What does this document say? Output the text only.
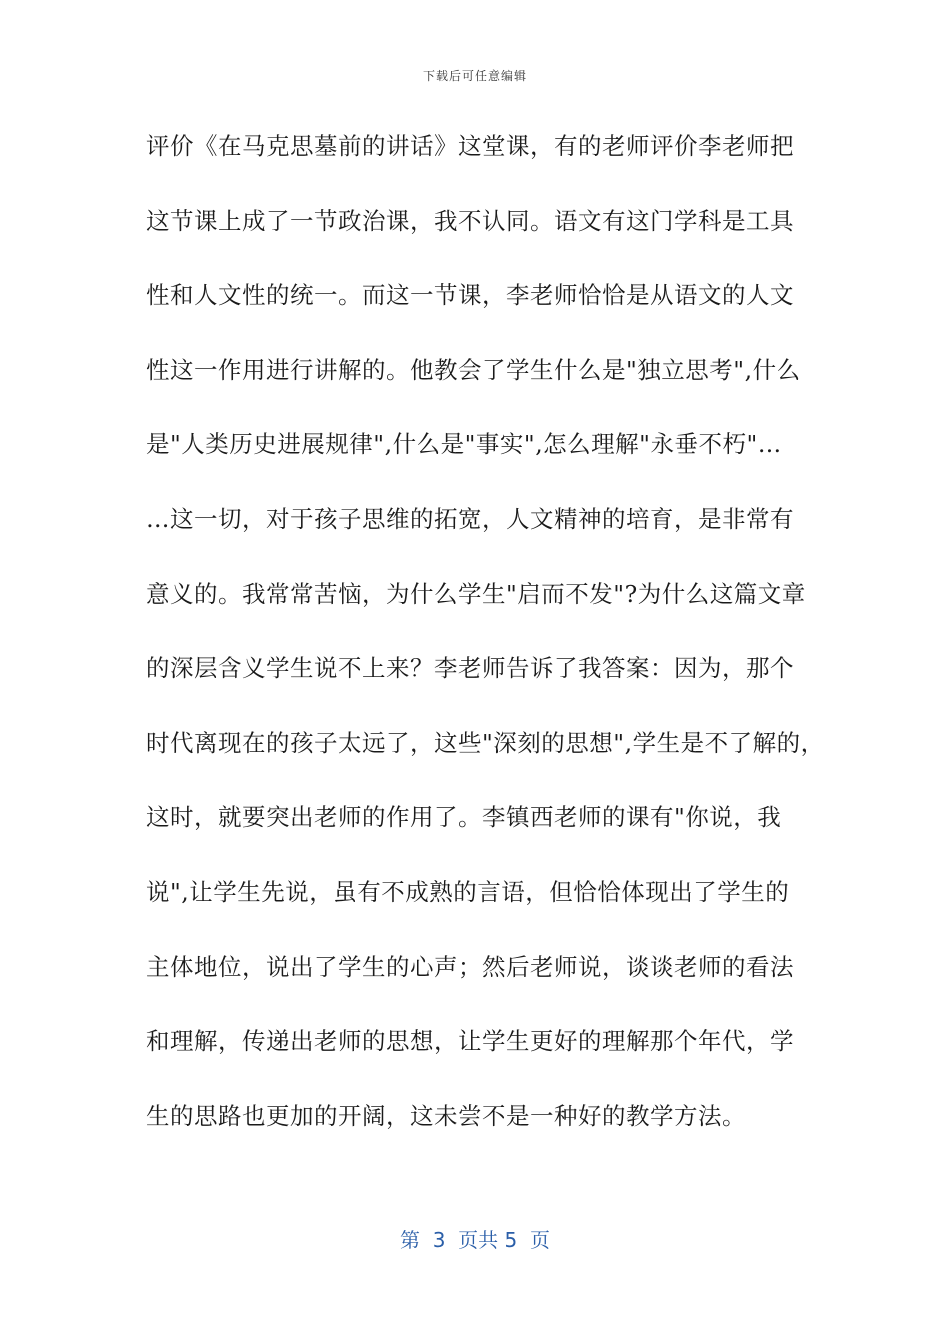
下载后可任意编辑
评价《在马克思墓前的讲话》这堂课，有的老师评价李老师把
这节课上成了一节政治课，我不认同。语文有这门学科是工具
性和人文性的统一。而这一节课，李老师恰恰是从语文的人文
性这一作用进行讲解的。他教会了学生什么是"独立思考",什么
是"人类历史进展规律",什么是"事实",怎么理解"永垂不朽"…
…这一切，对于孩子思维的拓宽，人文精神的培育，是非常有
意义的。我常常苦恼，为什么学生"启而不发"?为什么这篇文章
的深层含义学生说不上来？李老师告诉了我答案：因为，那个
时代离现在的孩子太远了，这些"深刻的思想",学生是不了解的，
这时，就要突出老师的作用了。李镇西老师的课有"你说，我
说",让学生先说，虽有不成熟的言语，但恰恰体现出了学生的
主体地位，说出了学生的心声；然后老师说，谈谈老师的看法
和理解，传递出老师的思想，让学生更好的理解那个年代，学
生的思路也更加的开阔，这未尝不是一种好的教学方法。
第  3  页共 5  页
